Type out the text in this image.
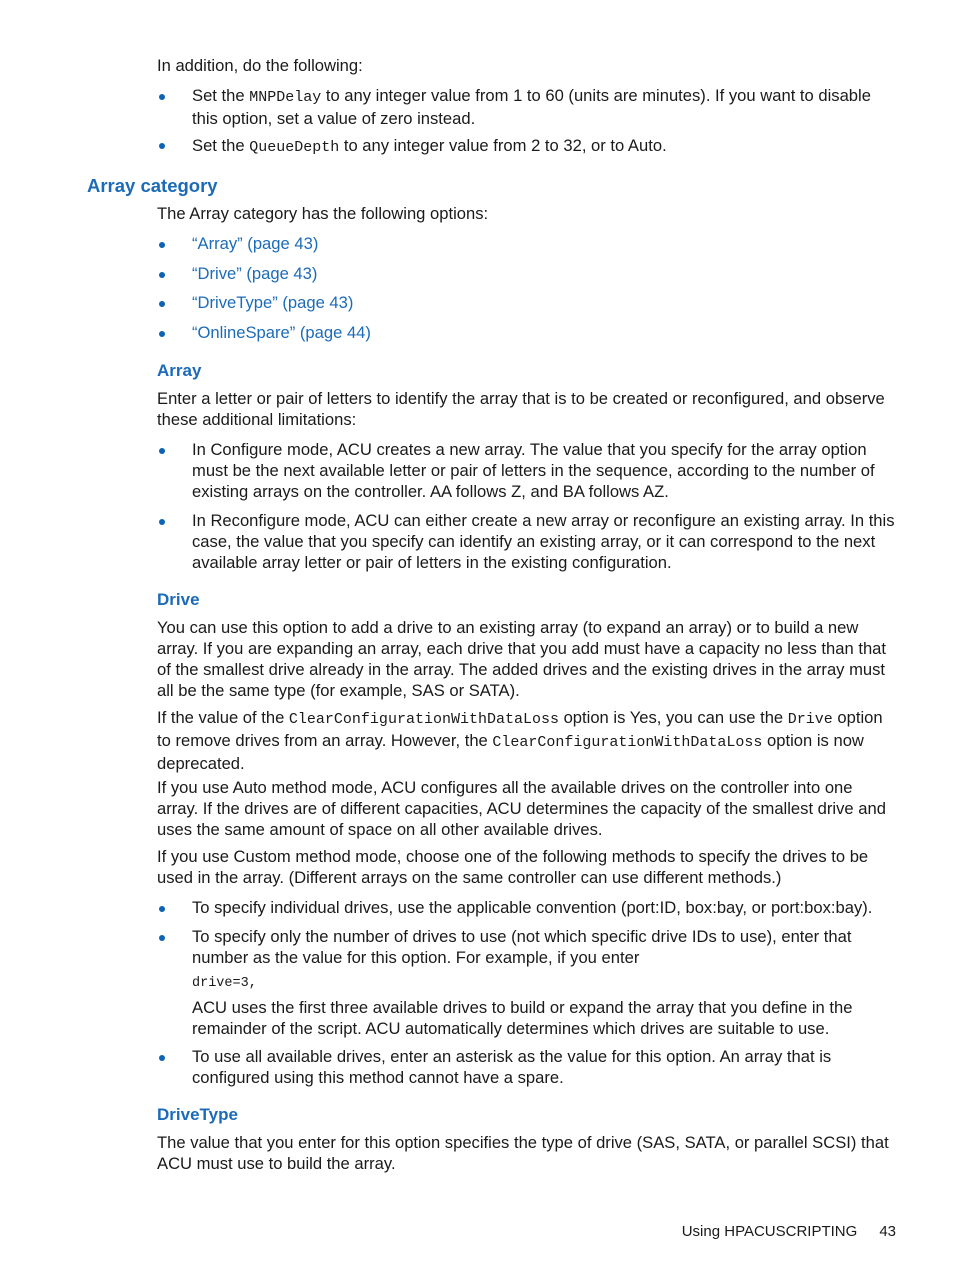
In addition, do the following:

Set the MNPDelay to any integer value from 1 to 60 (units are minutes). If you want to disable this option, set a value of zero instead.

Set the QueueDepth to any integer value from 2 to 32, or to Auto.

Array category

The Array category has the following options:

“Array” (page 43)
“Drive” (page 43)
“DriveType” (page 43)
“OnlineSpare” (page 44)
Array

Enter a letter or pair of letters to identify the array that is to be created or reconfigured, and observe these additional limitations:

In Configure mode, ACU creates a new array. The value that you specify for the array option must be the next available letter or pair of letters in the sequence, according to the number of existing arrays on the controller. AA follows Z, and BA follows AZ.

In Reconfigure mode, ACU can either create a new array or reconfigure an existing array. In this case, the value that you specify can identify an existing array, or it can correspond to the next available array letter or pair of letters in the existing configuration.

Drive

You can use this option to add a drive to an existing array (to expand an array) or to build a new array. If you are expanding an array, each drive that you add must have a capacity no less than that of the smallest drive already in the array. The added drives and the existing drives in the array must all be the same type (for example, SAS or SATA).

If the value of the ClearConfigurationWithDataLoss option is Yes, you can use the Drive option to remove drives from an array. However, the ClearConfigurationWithDataLoss option is now deprecated.

If you use Auto method mode, ACU configures all the available drives on the controller into one array. If the drives are of different capacities, ACU determines the capacity of the smallest drive and uses the same amount of space on all other available drives.

If you use Custom method mode, choose one of the following methods to specify the drives to be used in the array. (Different arrays on the same controller can use different methods.)

To specify individual drives, use the applicable convention (port:ID, box:bay, or port:box:bay).

To specify only the number of drives to use (not which specific drive IDs to use), enter that number as the value for this option. For example, if you enter

drive=3,

ACU uses the first three available drives to build or expand the array that you define in the remainder of the script. ACU automatically determines which drives are suitable to use.

To use all available drives, enter an asterisk as the value for this option. An array that is configured using this method cannot have a spare.

DriveType

The value that you enter for this option specifies the type of drive (SAS, SATA, or parallel SCSI) that ACU must use to build the array.

Using HPACUSCRIPTING 43
